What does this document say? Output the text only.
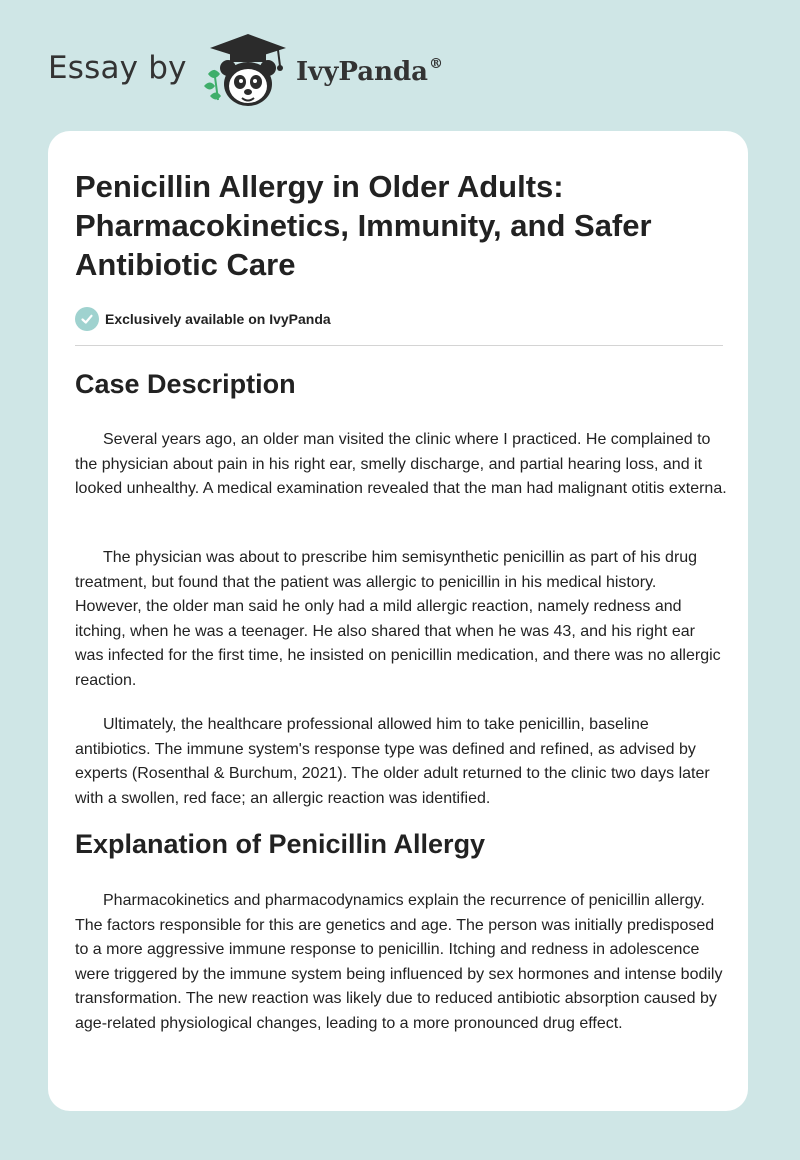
Essay by	IvyPanda®
Penicillin Allergy in Older Adults: Pharmacokinetics, Immunity, and Safer Antibiotic Care
Exclusively available on IvyPanda
Case Description

Several years ago, an older man visited the clinic where I practiced. He complained to the physician about pain in his right ear, smelly discharge, and partial hearing loss, and it looked unhealthy. A medical examination revealed that the man had malignant otitis externa.

The physician was about to prescribe him semisynthetic penicillin as part of his drug treatment, but found that the patient was allergic to penicillin in his medical history. However, the older man said he only had a mild allergic reaction, namely redness and itching, when he was a teenager. He also shared that when he was 43, and his right ear was infected for the first time, he insisted on penicillin medication, and there was no allergic reaction.

Ultimately, the healthcare professional allowed him to take penicillin, baseline antibiotics. The immune system's response type was defined and refined, as advised by experts (Rosenthal & Burchum, 2021). The older adult returned to the clinic two days later with a swollen, red face; an allergic reaction was identified.

Explanation of Penicillin Allergy

Pharmacokinetics and pharmacodynamics explain the recurrence of penicillin allergy. The factors responsible for this are genetics and age. The person was initially predisposed to a more aggressive immune response to penicillin. Itching and redness in adolescence were triggered by the immune system being influenced by sex hormones and intense bodily transformation. The new reaction was likely due to reduced antibiotic absorption caused by age-related physiological changes, leading to a more pronounced drug effect.
